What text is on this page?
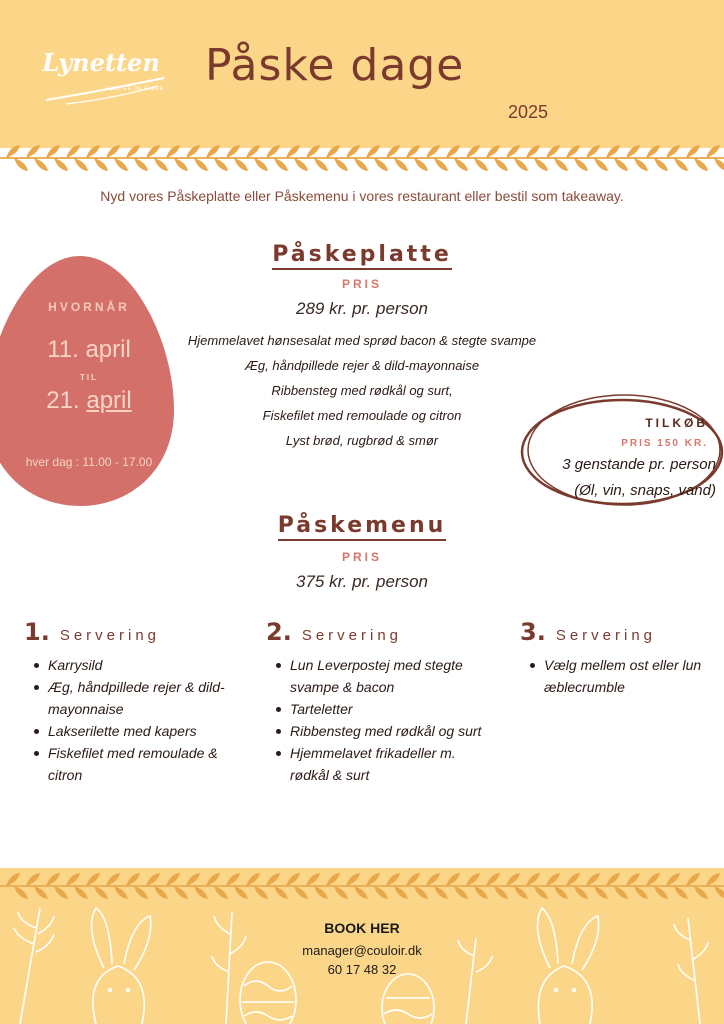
Lynetten
FLØJTER OG FLØDE Påske dage
2025
Nyd vores Påskeplatte eller Påskemenu i vores restaurant eller bestil som takeaway.
Påskeplatte
PRIS
289 kr. pr. person
Hjemmelavet hønsesalat med sprød bacon & stegte svampe
Æg, håndpillede rejer & dild-mayonnaise
Ribbensteg med rødkål og surt,
Fiskefilet med remoulade og citron
Lyst brød, rugbrød & smør
HVORNÅR
11. april
TIL
21. april
hver dag : 11.00 - 17.00
TILKØB
PRIS 150 KR.
3 genstande pr. person
(Øl, vin, snaps, vand)
Påskemenu
PRIS
375 kr. pr. person
1. Servering
Karrysild
Æg, håndpillede rejer & dild-mayonnaise
Lakserilette med kapers
Fiskefilet med remoulade & citron
2. Servering
Lun Leverpostej med stegte svampe & bacon
Tarteletter
Ribbensteg med rødkål og surt
Hjemmelavet frikadeller m. rødkål & surt
3. Servering
Vælg mellem ost eller lun æblecrumble
BOOK HER
manager@couloir.dk
60 17 48 32
